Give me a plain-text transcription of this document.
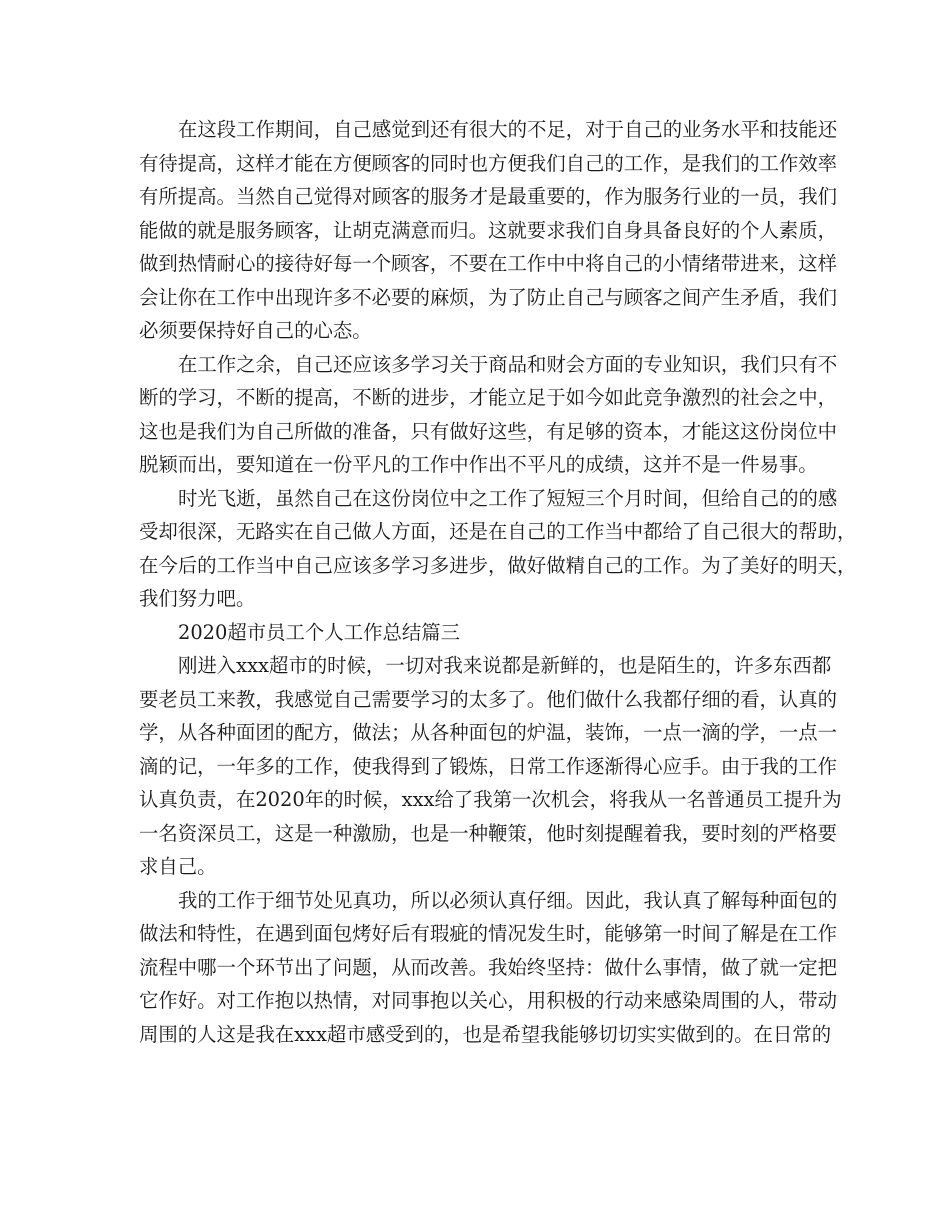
在这段工作期间，自己感觉到还有很大的不足，对于自己的业务水平和技能还
有待提高，这样才能在方便顾客的同时也方便我们自己的工作，是我们的工作效率
有所提高。当然自己觉得对顾客的服务才是最重要的，作为服务行业的一员，我们
能做的就是服务顾客，让胡克满意而归。这就要求我们自身具备良好的个人素质，
做到热情耐心的接待好每一个顾客，不要在工作中中将自己的小情绪带进来，这样
会让你在工作中出现许多不必要的麻烦，为了防止自己与顾客之间产生矛盾，我们
必须要保持好自己的心态。
在工作之余，自己还应该多学习关于商品和财会方面的专业知识，我们只有不
断的学习，不断的提高，不断的进步，才能立足于如今如此竞争激烈的社会之中，
这也是我们为自己所做的准备，只有做好这些，有足够的资本，才能这这份岗位中
脱颖而出，要知道在一份平凡的工作中作出不平凡的成绩，这并不是一件易事。
时光飞逝，虽然自己在这份岗位中之工作了短短三个月时间，但给自己的的感
受却很深，无路实在自己做人方面，还是在自己的工作当中都给了自己很大的帮助，
在今后的工作当中自己应该多学习多进步，做好做精自己的工作。为了美好的明天，
我们努力吧。
2020超市员工个人工作总结篇三
刚进入xxx超市的时候，一切对我来说都是新鲜的，也是陌生的，许多东西都
要老员工来教，我感觉自己需要学习的太多了。他们做什么我都仔细的看，认真的
学，从各种面团的配方，做法；从各种面包的炉温，装饰，一点一滴的学，一点一
滴的记，一年多的工作，使我得到了锻炼，日常工作逐渐得心应手。由于我的工作
认真负责，在2020年的时候，xxx给了我第一次机会，将我从一名普通员工提升为
一名资深员工，这是一种激励，也是一种鞭策，他时刻提醒着我，要时刻的严格要
求自己。
我的工作于细节处见真功，所以必须认真仔细。因此，我认真了解每种面包的
做法和特性，在遇到面包烤好后有瑕疵的情况发生时，能够第一时间了解是在工作
流程中哪一个环节出了问题，从而改善。我始终坚持：做什么事情，做了就一定把
它作好。对工作抱以热情，对同事抱以关心，用积极的行动来感染周围的人，带动
周围的人这是我在xxx超市感受到的，也是希望我能够切切实实做到的。在日常的
